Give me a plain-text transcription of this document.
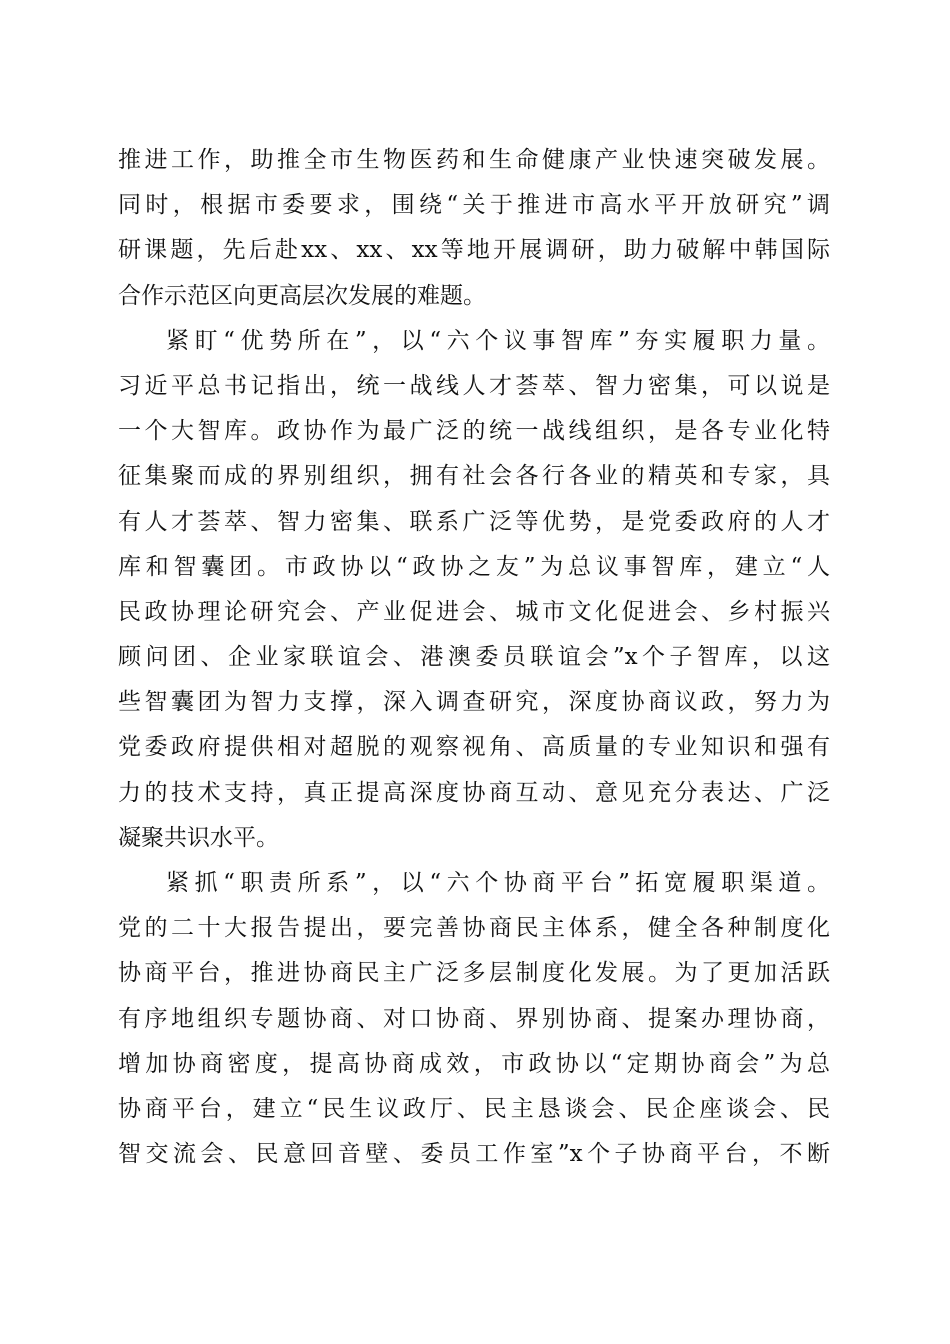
推进工作，助推全市生物医药和生命健康产业快速突破发展。
同时，根据市委要求，围绕“关于推进市高水平开放研究”调
研课题，先后赴xx、xx、xx等地开展调研，助力破解中韩国际
合作示范区向更高层次发展的难题。
紧盯“优势所在”，以“六个议事智库”夯实履职力量。
习近平总书记指出，统一战线人才荟萃、智力密集，可以说是
一个大智库。政协作为最广泛的统一战线组织，是各专业化特
征集聚而成的界别组织，拥有社会各行各业的精英和专家，具
有人才荟萃、智力密集、联系广泛等优势，是党委政府的人才
库和智囊团。市政协以“政协之友”为总议事智库，建立“人
民政协理论研究会、产业促进会、城市文化促进会、乡村振兴
顾问团、企业家联谊会、港澳委员联谊会”x个子智库，以这
些智囊团为智力支撑，深入调查研究，深度协商议政，努力为
党委政府提供相对超脱的观察视角、高质量的专业知识和强有
力的技术支持，真正提高深度协商互动、意见充分表达、广泛
凝聚共识水平。
紧抓“职责所系”，以“六个协商平台”拓宽履职渠道。
党的二十大报告提出，要完善协商民主体系，健全各种制度化
协商平台，推进协商民主广泛多层制度化发展。为了更加活跃
有序地组织专题协商、对口协商、界别协商、提案办理协商，
增加协商密度，提高协商成效，市政协以“定期协商会”为总
协商平台，建立“民生议政厅、民主恳谈会、民企座谈会、民
智交流会、民意回音壁、委员工作室”x个子协商平台，不断
